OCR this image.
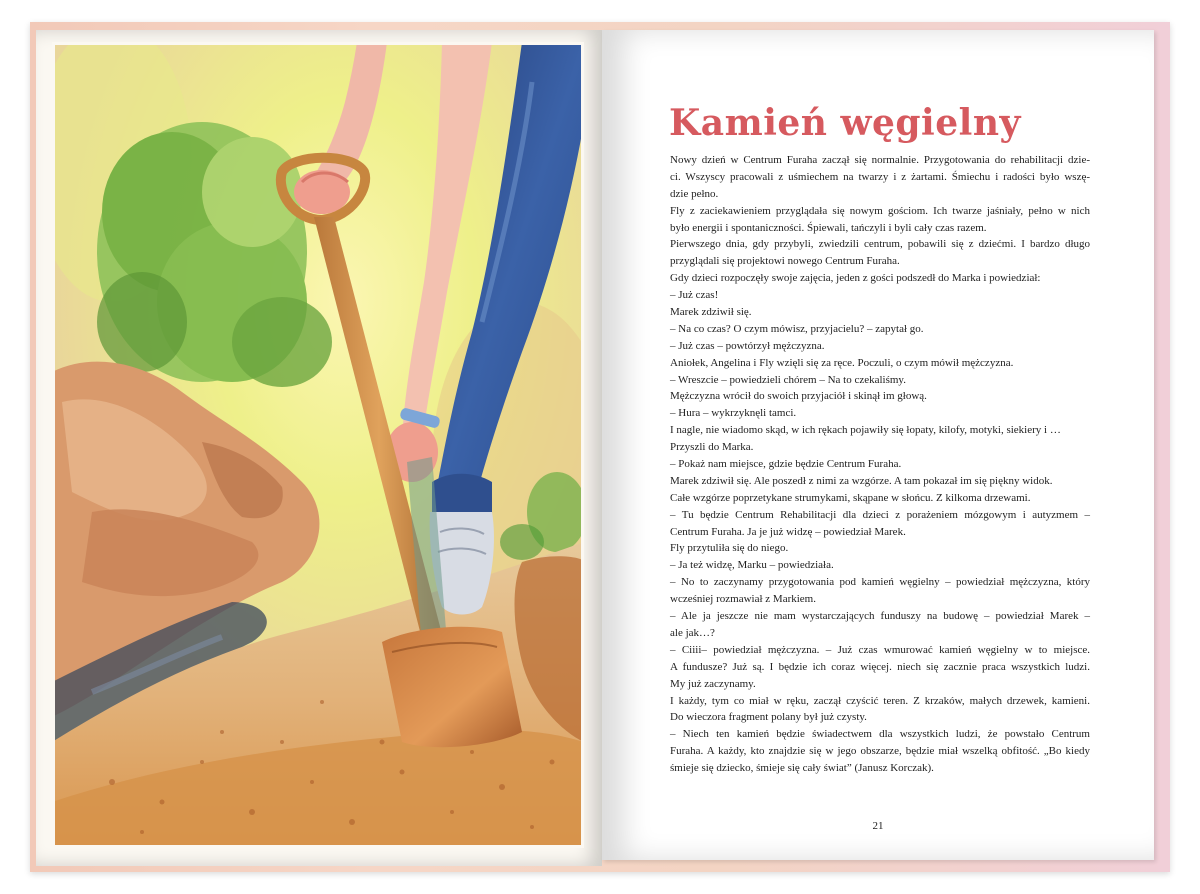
Kamień węgielny
Nowy dzień w Centrum Furaha zaczął się normalnie. Przygotowania do rehabilitacji dzie-
ci. Wszyscy pracowali z uśmiechem na twarzy i z żartami. Śmiechu i radości było wszę-
dzie pełno.
Fly z zaciekawieniem przyglądała się nowym gościom. Ich twarze jaśniały, pełno w nich
było energii i spontaniczności. Śpiewali, tańczyli i byli cały czas razem.
Pierwszego dnia, gdy przybyli, zwiedzili centrum, pobawili się z dziećmi. I bardzo długo
przyglądali się projektowi nowego Centrum Furaha.
Gdy dzieci rozpoczęły swoje zajęcia, jeden z gości podszedł do Marka i powiedział:
– Już czas!
Marek zdziwił się.
– Na co czas? O czym mówisz, przyjacielu? – zapytał go.
– Już czas – powtórzył mężczyzna.
Aniołek, Angelina i Fly wzięli się za ręce. Poczuli, o czym mówił mężczyzna.
– Wreszcie – powiedzieli chórem – Na to czekaliśmy.
Mężczyzna wrócił do swoich przyjaciół i skinął im głową.
– Hura – wykrzyknęli tamci.
I nagle, nie wiadomo skąd, w ich rękach pojawiły się łopaty, kilofy, motyki, siekiery i …
Przyszli do Marka.
– Pokaż nam miejsce, gdzie będzie Centrum Furaha.
Marek zdziwił się. Ale poszedł z nimi za wzgórze. A tam pokazał im się piękny widok.
Całe wzgórze poprzetykane strumykami, skąpane w słońcu. Z kilkoma drzewami.
– Tu będzie Centrum Rehabilitacji dla dzieci z porażeniem mózgowym i autyzmem –
Centrum Furaha. Ja je już widzę – powiedział Marek.
Fly przytuliła się do niego.
– Ja też widzę, Marku – powiedziała.
– No to zaczynamy przygotowania pod kamień węgielny – powiedział mężczyzna, który
wcześniej rozmawiał z Markiem.
– Ale ja jeszcze nie mam wystarczających funduszy na budowę – powiedział Marek –
ale jak…?
– Ciiii– powiedział mężczyzna. – Już czas wmurować kamień węgielny w to miejsce.
A fundusze? Już są. I będzie ich coraz więcej. niech się zacznie praca wszystkich ludzi.
My już zaczynamy.
I każdy, tym co miał w ręku, zaczął czyścić teren. Z krzaków, małych drzewek, kamieni.
Do wieczora fragment polany był już czysty.
– Niech ten kamień będzie świadectwem dla wszystkich ludzi, że powstało Centrum
Furaha. A każdy, kto znajdzie się w jego obszarze, będzie miał wszelką obfitość. „Bo kiedy
śmieje się dziecko, śmieje się cały świat” (Janusz Korczak).
21
